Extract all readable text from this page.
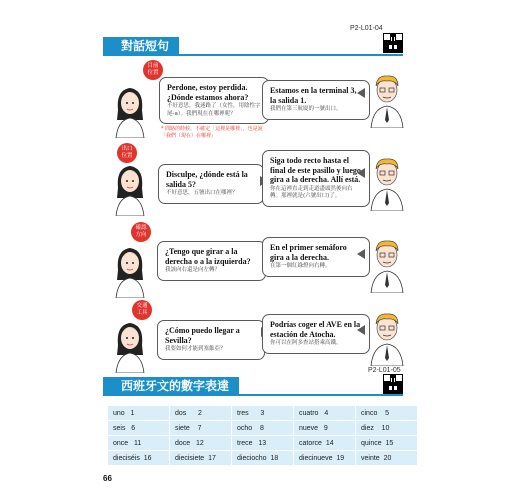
P2-L01-04
對話短句
目前
位置
Perdone, estoy perdida. ¿Dónde estamos ahora?
不好意思，我迷路了（女性，用陰性字尾-a）。我們現在在哪裡呢？
* 問路的時候，不確定「這裡是哪裡」，也是說「我們（現在）在哪裡」
Estamos en la terminal 3, la salida 1.
我們在第三航廈的一號出口。
出口
位置
Disculpe, ¿dónde está la salida 5?
不好意思，五號出口在哪裡？
Siga todo recto hasta el final de este pasillo y luego gira a la derecha. Allí está.
你在這裡直走到走道盡頭然後向右轉。那裡就是(六號出口)了。
確認
方向
¿Tengo que girar a la derecha o a la izquierda?
我該向右還是向左轉？
En el primer semáforo gira a la derecha.
在第一個紅綠燈向右轉。
交通
工具
¿Cómo puedo llegar a Sevilla?
我要如何才能到塞維亞？
Podrías coger el AVE en la estación de Atocha.
你可以在阿多查站搭乘高鐵。
P2-L01-05
西班牙文的數字表達
uno 1	dos 2	tres 3	cuatro 4	cinco 5
seis 6	siete 7	ocho 8	nueve 9	diez 10
once 11	doce 12	trece 13	catorce 14	quince 15
dieciséis 16	diecisiete 17	dieciocho 18	diecinueve 19	veinte 20
66
